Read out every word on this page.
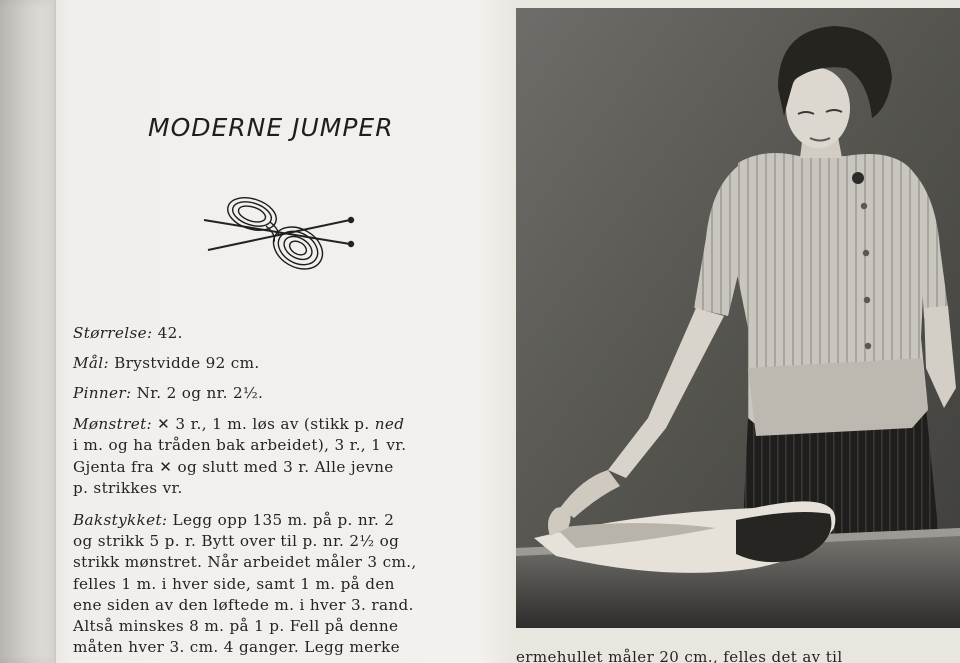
MODERNE JUMPER

Størrelse: 42.

Mål: Brystvidde 92 cm.

Pinner: Nr. 2 og nr. 2½.

Mønstret: ✕ 3 r., 1 m. løs av (stikk p. ned

i m. og ha tråden bak arbeidet), 3 r., 1 vr.

Gjenta fra ✕ og slutt med 3 r. Alle jevne

p. strikkes vr.

Bakstykket: Legg opp 135 m. på p. nr. 2

og strikk 5 p. r. Bytt over til p. nr. 2½ og

strikk mønstret. Når arbeidet måler 3 cm.,

felles 1 m. i hver side, samt 1 m. på den

ene siden av den løftede m. i hver 3. rand.

Altså minskes 8 m. på 1 p. Fell på denne

måten hver 3. cm. 4 ganger. Legg merke

ermehullet måler 20 cm., felles det av til
